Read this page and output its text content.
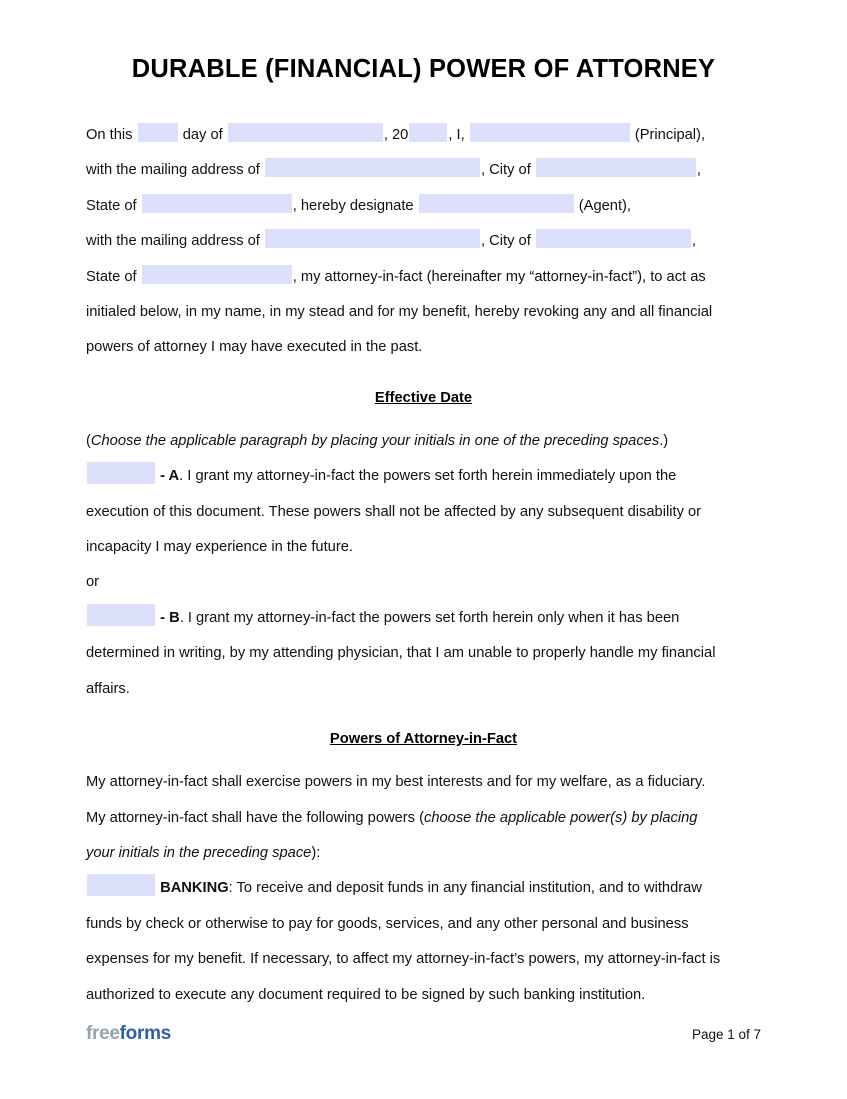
DURABLE (FINANCIAL) POWER OF ATTORNEY

On this	day of	, 20	, I,	(Principal),
with the mailing address of	, City of	,
State of	, hereby designate	(Agent),
with the mailing address of	, City of	,
State of	, my attorney-in-fact (hereinafter my “attorney-in-fact”), to act as
initialed below, in my name, in my stead and for my benefit, hereby revoking any and all financial
powers of attorney I may have executed in the past.

Effective Date

(Choose the applicable paragraph by placing your initials in one of the preceding spaces.)

- A. I grant my attorney-in-fact the powers set forth herein immediately upon the
execution of this document. These powers shall not be affected by any subsequent disability or
incapacity I may experience in the future.

or

- B. I grant my attorney-in-fact the powers set forth herein only when it has been
determined in writing, by my attending physician, that I am unable to properly handle my financial
affairs.

Powers of Attorney-in-Fact

My attorney-in-fact shall exercise powers in my best interests and for my welfare, as a fiduciary.
My attorney-in-fact shall have the following powers (choose the applicable power(s) by placing
your initials in the preceding space):

BANKING: To receive and deposit funds in any financial institution, and to withdraw
funds by check or otherwise to pay for goods, services, and any other personal and business
expenses for my benefit. If necessary, to affect my attorney-in-fact’s powers, my attorney-in-fact is
authorized to execute any document required to be signed by such banking institution.

freeforms	Page 1 of 7
